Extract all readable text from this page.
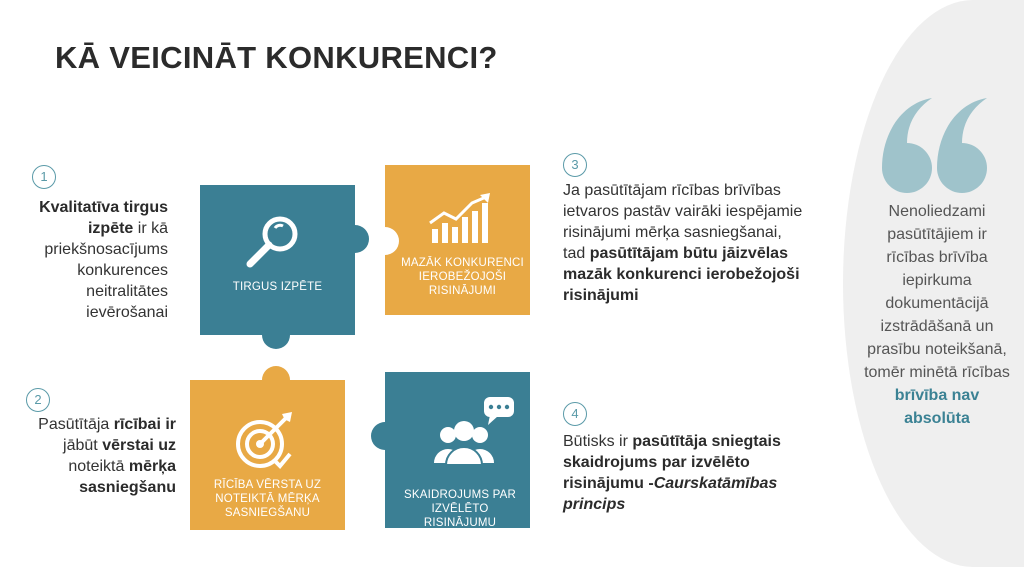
KĀ VEICINĀT KONKURENCI?
1
Kvalitatīva tirgus izpēte ir kā priekšnosacījums konkurences neitralitātes ievērošanai
2
Pasūtītāja rīcībai ir jābūt vērstai uz noteiktā mērķa sasniegšanu
3
Ja pasūtītājam rīcības brīvības ietvaros pastāv vairāki iespējamie risinājumi mērķa sasniegšanai, tad pasūtītājam būtu jāizvēlas mazāk konkurenci ierobežojoši risinājumi
4
Būtisks ir pasūtītāja sniegtais skaidrojums par izvēlēto risinājumu -Caurskatāmības princips
TIRGUS IZPĒTE
MAZĀK KONKURENCI IEROBEŽOJOŠI RISINĀJUMI
RĪCĪBA VĒRSTA UZ NOTEIKTĀ MĒRĶA SASNIEGŠANU
SKAIDROJUMS PAR IZVĒLĒTO RISINĀJUMU
Nenoliedzami pasūtītājiem ir rīcības brīvība iepirkuma dokumentācijā izstrādāšanā un prasību noteikšanā, tomēr minētā rīcības brīvība nav absolūta
